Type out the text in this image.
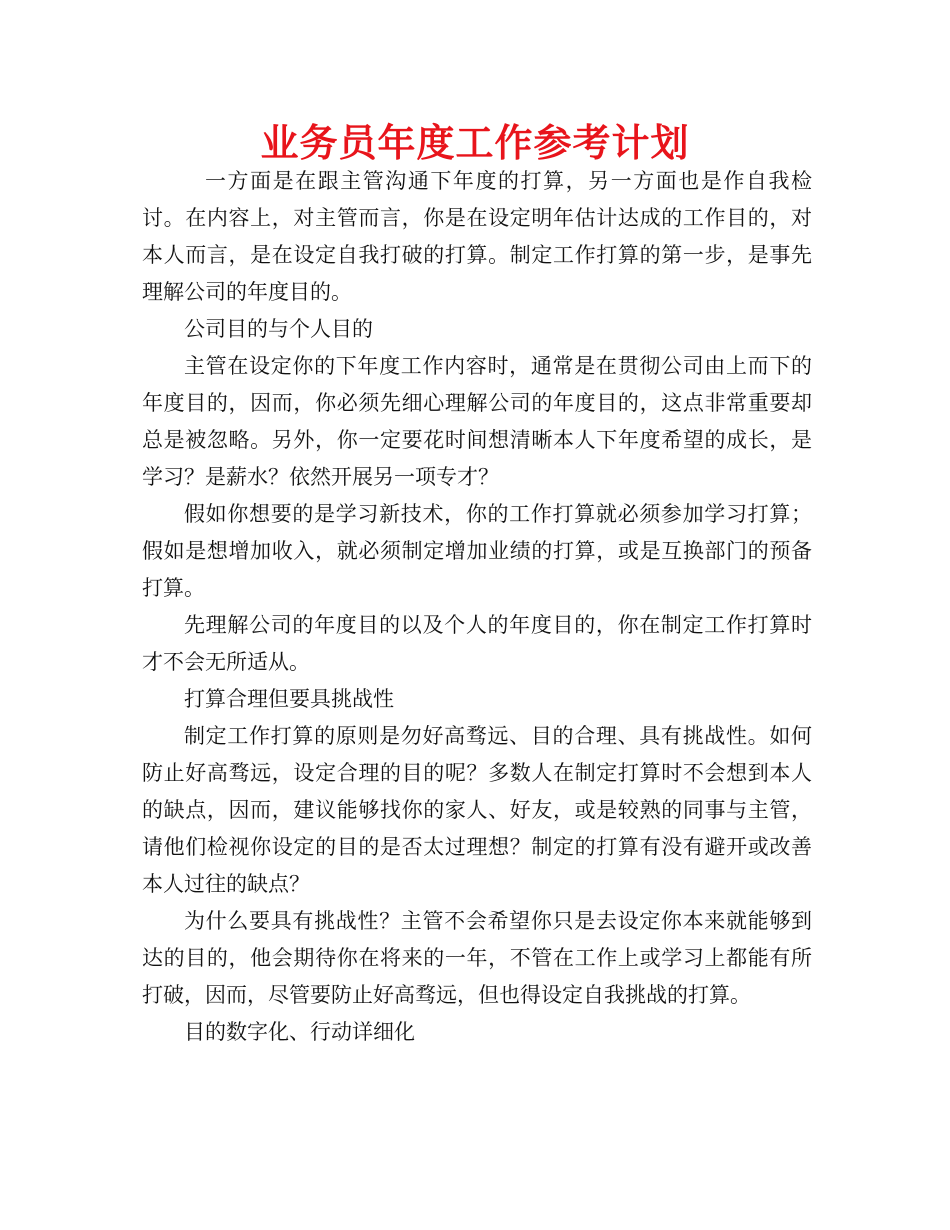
业务员年度工作参考计划

一方面是在跟主管沟通下年度的打算，另一方面也是作自我检讨。在内容上，对主管而言，你是在设定明年估计达成的工作目的，对本人而言，是在设定自我打破的打算。制定工作打算的第一步，是事先理解公司的年度目的。

公司目的与个人目的

主管在设定你的下年度工作内容时，通常是在贯彻公司由上而下的年度目的，因而，你必须先细心理解公司的年度目的，这点非常重要却总是被忽略。另外，你一定要花时间想清晰本人下年度希望的成长，是学习？是薪水？依然开展另一项专才？

假如你想要的是学习新技术，你的工作打算就必须参加学习打算；假如是想增加收入，就必须制定增加业绩的打算，或是互换部门的预备打算。

先理解公司的年度目的以及个人的年度目的，你在制定工作打算时才不会无所适从。

打算合理但要具挑战性

制定工作打算的原则是勿好高骛远、目的合理、具有挑战性。如何防止好高骛远，设定合理的目的呢？多数人在制定打算时不会想到本人的缺点，因而，建议能够找你的家人、好友，或是较熟的同事与主管，请他们检视你设定的目的是否太过理想？制定的打算有没有避开或改善本人过往的缺点？

为什么要具有挑战性？主管不会希望你只是去设定你本来就能够到达的目的，他会期待你在将来的一年，不管在工作上或学习上都能有所打破，因而，尽管要防止好高骛远，但也得设定自我挑战的打算。

目的数字化、行动详细化
